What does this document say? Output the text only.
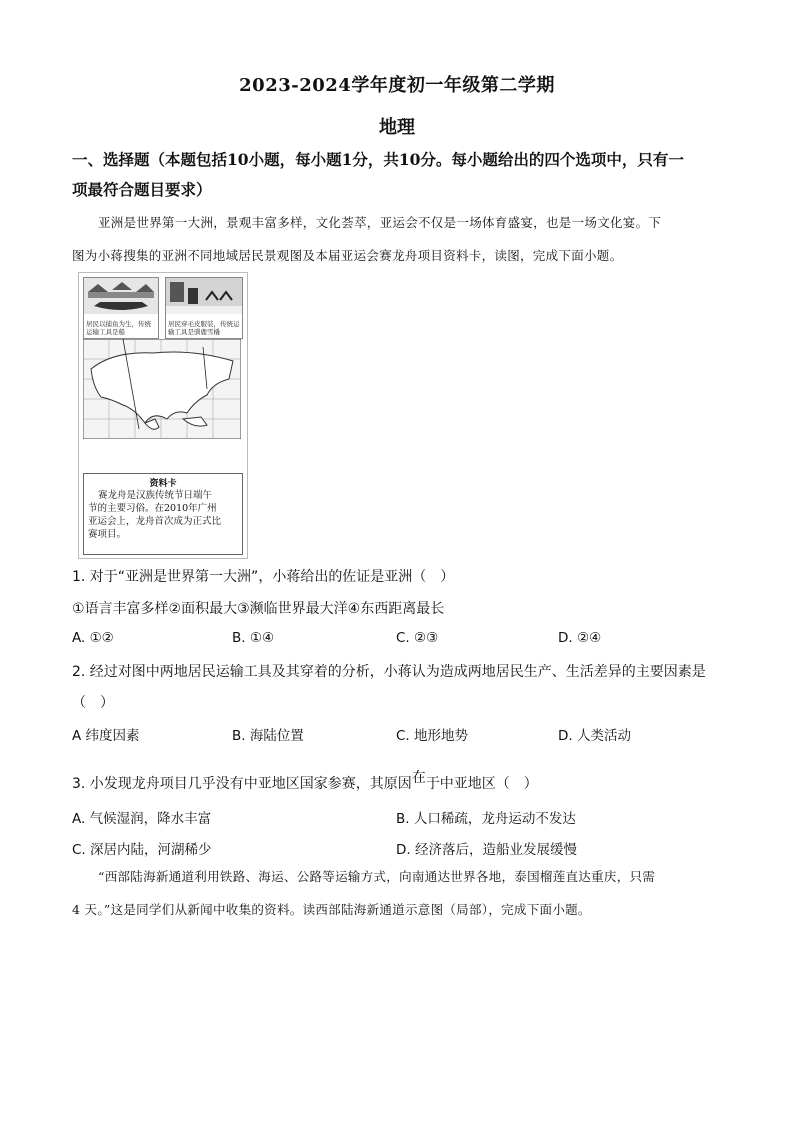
2023-2024学年度初一年级第二学期
地理
一、选择题（本题包括10小题，每小题1分，共10分。每小题给出的四个选项中，只有一
项最符合题目要求）
亚洲是世界第一大洲，景观丰富多样，文化荟萃，亚运会不仅是一场体育盛宴，也是一场文化宴。下
图为小蒋搜集的亚洲不同地域居民景观图及本届亚运会赛龙舟项目资料卡，读图，完成下面小题。
居民以捕鱼为生，传统运输工具是船
居民穿毛皮服装，传统运输工具是驯鹿雪橇
资料卡
赛龙舟是汉族传统节日端午
节的主要习俗。在2010年广州
亚运会上，龙舟首次成为正式比
赛项目。
1. 对于“亚洲是世界第一大洲”，小蒋给出的佐证是亚洲（　）
①语言丰富多样②面积最大③濒临世界最大洋④东西距离最长
A. ①②	B. ①④	C. ②③	D. ②④
2. 经过对图中两地居民运输工具及其穿着的分析，小蒋认为造成两地居民生产、生活差异的主要因素是
（　）
A 纬度因素	B. 海陆位置	C. 地形地势	D. 人类活动
3. 小发现龙舟项目几乎没有中亚地区国家参赛，其原因在于中亚地区（　）
A. 气候湿润，降水丰富	B. 人口稀疏，龙舟运动不发达
C. 深居内陆，河湖稀少	D. 经济落后，造船业发展缓慢
“西部陆海新通道利用铁路、海运、公路等运输方式，向南通达世界各地，泰国榴莲直达重庆，只需
4 天。”这是同学们从新闻中收集的资料。读西部陆海新通道示意图（局部），完成下面小题。
